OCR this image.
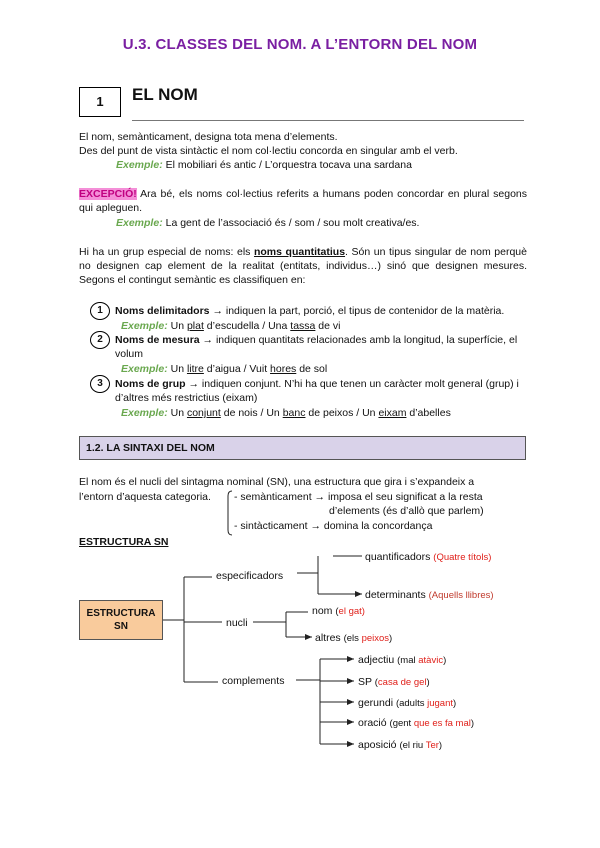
U.3. CLASSES DEL NOM. A L’ENTORN DEL NOM
1	EL NOM
El nom, semànticament, designa tota mena d’elements.
Des del punt de vista sintàctic el nom col·lectiu concorda en singular amb el verb.
Exemple: El mobiliari és antic / L’orquestra tocava una sardana
EXCEPCIÓ! Ara bé, els noms col·lectius referits a humans poden concordar en plural segons qui apleguen.
Exemple: La gent de l’associació és / som / sou molt creativa/es.
Hi ha un grup especial de noms: els noms quantitatius. Són un tipus singular de nom perquè no designen cap element de la realitat (entitats, individus…) sinó que designen mesures. Segons el contingut semàntic es classifiquen en:
1	Noms delimitadors → indiquen la part, porció, el tipus de contenidor de la matèria.
Exemple: Un plat d’escudella / Una tassa de vi
2	Noms de mesura → indiquen quantitats relacionades amb la longitud, la superfície, el volum
Exemple: Un litre d’aigua / Vuit hores de sol
3	Noms de grup → indiquen conjunt. N’hi ha que tenen un caràcter molt general (grup) i d’altres més restrictius (eixam)
Exemple: Un conjunt de nois / Un banc de peixos / Un eixam d’abelles
1.2. LA SINTAXI DEL NOM
El nom és el nucli del sintagma nominal (SN), una estructura que gira i s’expandeix a
l’entorn d’aquesta categoria. - semànticament → imposa el seu significat a la resta
d’elements (és d’allò que parlem)
- sintàcticament → domina la concordança
ESTRUCTURA SN
ESTRUCTURA SN
especificadors
quantificadors (Quatre títols)
determinants (Aquells llibres)
nucli
nom (el gat)
altres (els peixos)
complements
adjectiu (mal atàvic)
SP (casa de gel)
gerundi (adults jugant)
oració (gent que es fa mal)
aposició (el riu Ter)
